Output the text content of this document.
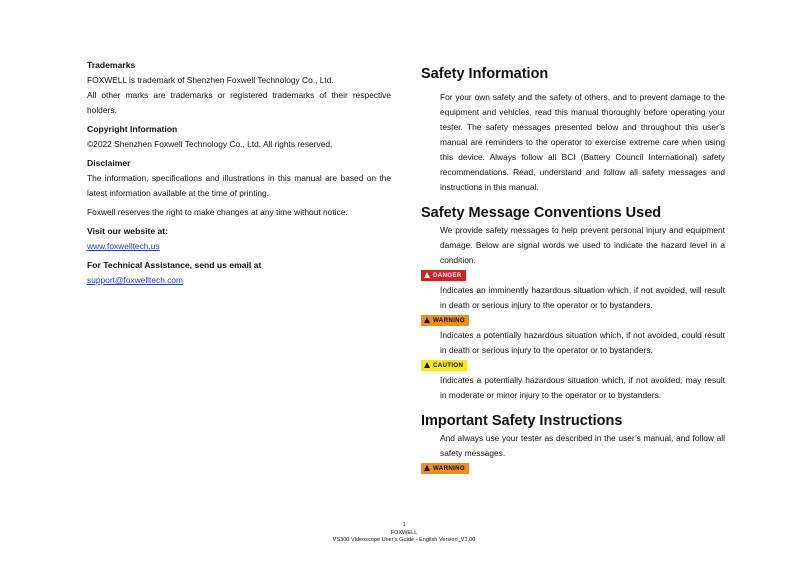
Trademarks

FOXWELL is trademark of Shenzhen Foxwell Technology Co., Ltd.

All other marks are trademarks or registered trademarks of their respective holders.

Copyright Information

©2022 Shenzhen Foxwell Technology Co., Ltd. All rights reserved.

Disclaimer

The information, specifications and illustrations in this manual are based on the latest information available at the time of printing.

Foxwell reserves the right to make changes at any time without notice.

Visit our website at:

www.foxwelltech.us

For Technical Assistance, send us email at

support@foxwelltech.com

Safety Information

For your own safety and the safety of others, and to prevent damage to the equipment and vehicles, read this manual thoroughly before operating your tester. The safety messages presented below and throughout this user’s manual are reminders to the operator to exercise extreme care when using this device. Always follow all BCI (Battery Council International) safety recommendations. Read, understand and follow all safety messages and instructions in this manual.

Safety Message Conventions Used

We provide safety messages to help prevent personal injury and equipment damage. Below are signal words we used to indicate the hazard level in a condition.

DANGER

Indicates an imminently hazardous situation which, if not avoided, will result in death or serious injury to the operator or to bystanders.

WARNING

Indicates a potentially hazardous situation which, if not avoided, could result in death or serious injury to the operator or to bystanders.

CAUTION

Indicates a potentially hazardous situation which, if not avoided, may result in moderate or minor injury to the operator or to bystanders.

Important Safety Instructions

And always use your tester as described in the user’s manual, and follow all safety messages.

WARNING
1
FOXWELL
VS300 Videoscope User’s Guide - English Version_V1.00
